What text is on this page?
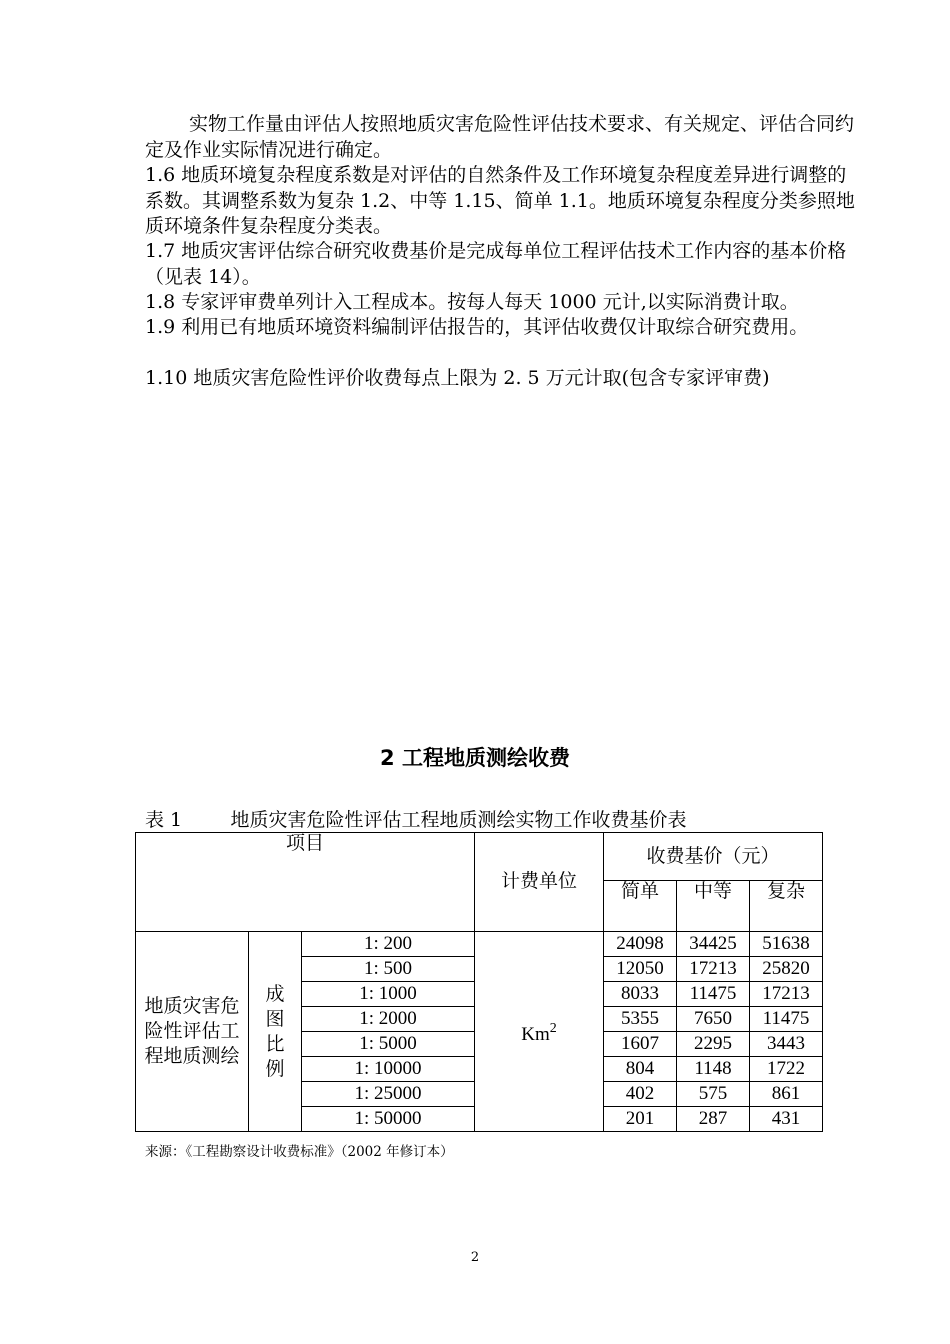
实物工作量由评估人按照地质灾害危险性评估技术要求、有关规定、评估合同约定及作业实际情况进行确定。

1.6 地质环境复杂程度系数是对评估的自然条件及工作环境复杂程度差异进行调整的系数。其调整系数为复杂 1.2、中等 1.15、简单 1.1。地质环境复杂程度分类参照地质环境条件复杂程度分类表。

1.7 地质灾害评估综合研究收费基价是完成每单位工程评估技术工作内容的基本价格（见表 14）。

1.8 专家评审费单列计入工程成本。按每人每天 1000 元计,以实际消费计取。

1.9 利用已有地质环境资料编制评估报告的，其评估收费仅计取综合研究费用。

1.10 地质灾害危险性评价收费每点上限为 2. 5 万元计取(包含专家评审费)

2 工程地质测绘收费

表 1        地质灾害危险性评估工程地质测绘实物工作收费基价表

项目			计费单位	收费基价（元）		
				简单	中等	复杂

地质灾害危险性评估工程地质测绘	成图比例	1: 200	Km$^2$	24098	34425	51638
		1: 500		12050	17213	25820
		1: 1000		8033	11475	17213
		1: 2000		5355	7650	11475
		1: 5000		1607	2295	3443
		1: 10000		804	1148	1722
		1: 25000		402	575	861
		1: 50000		201	287	431

来源：《工程勘察设计收费标准》（2002 年修订本）

2
